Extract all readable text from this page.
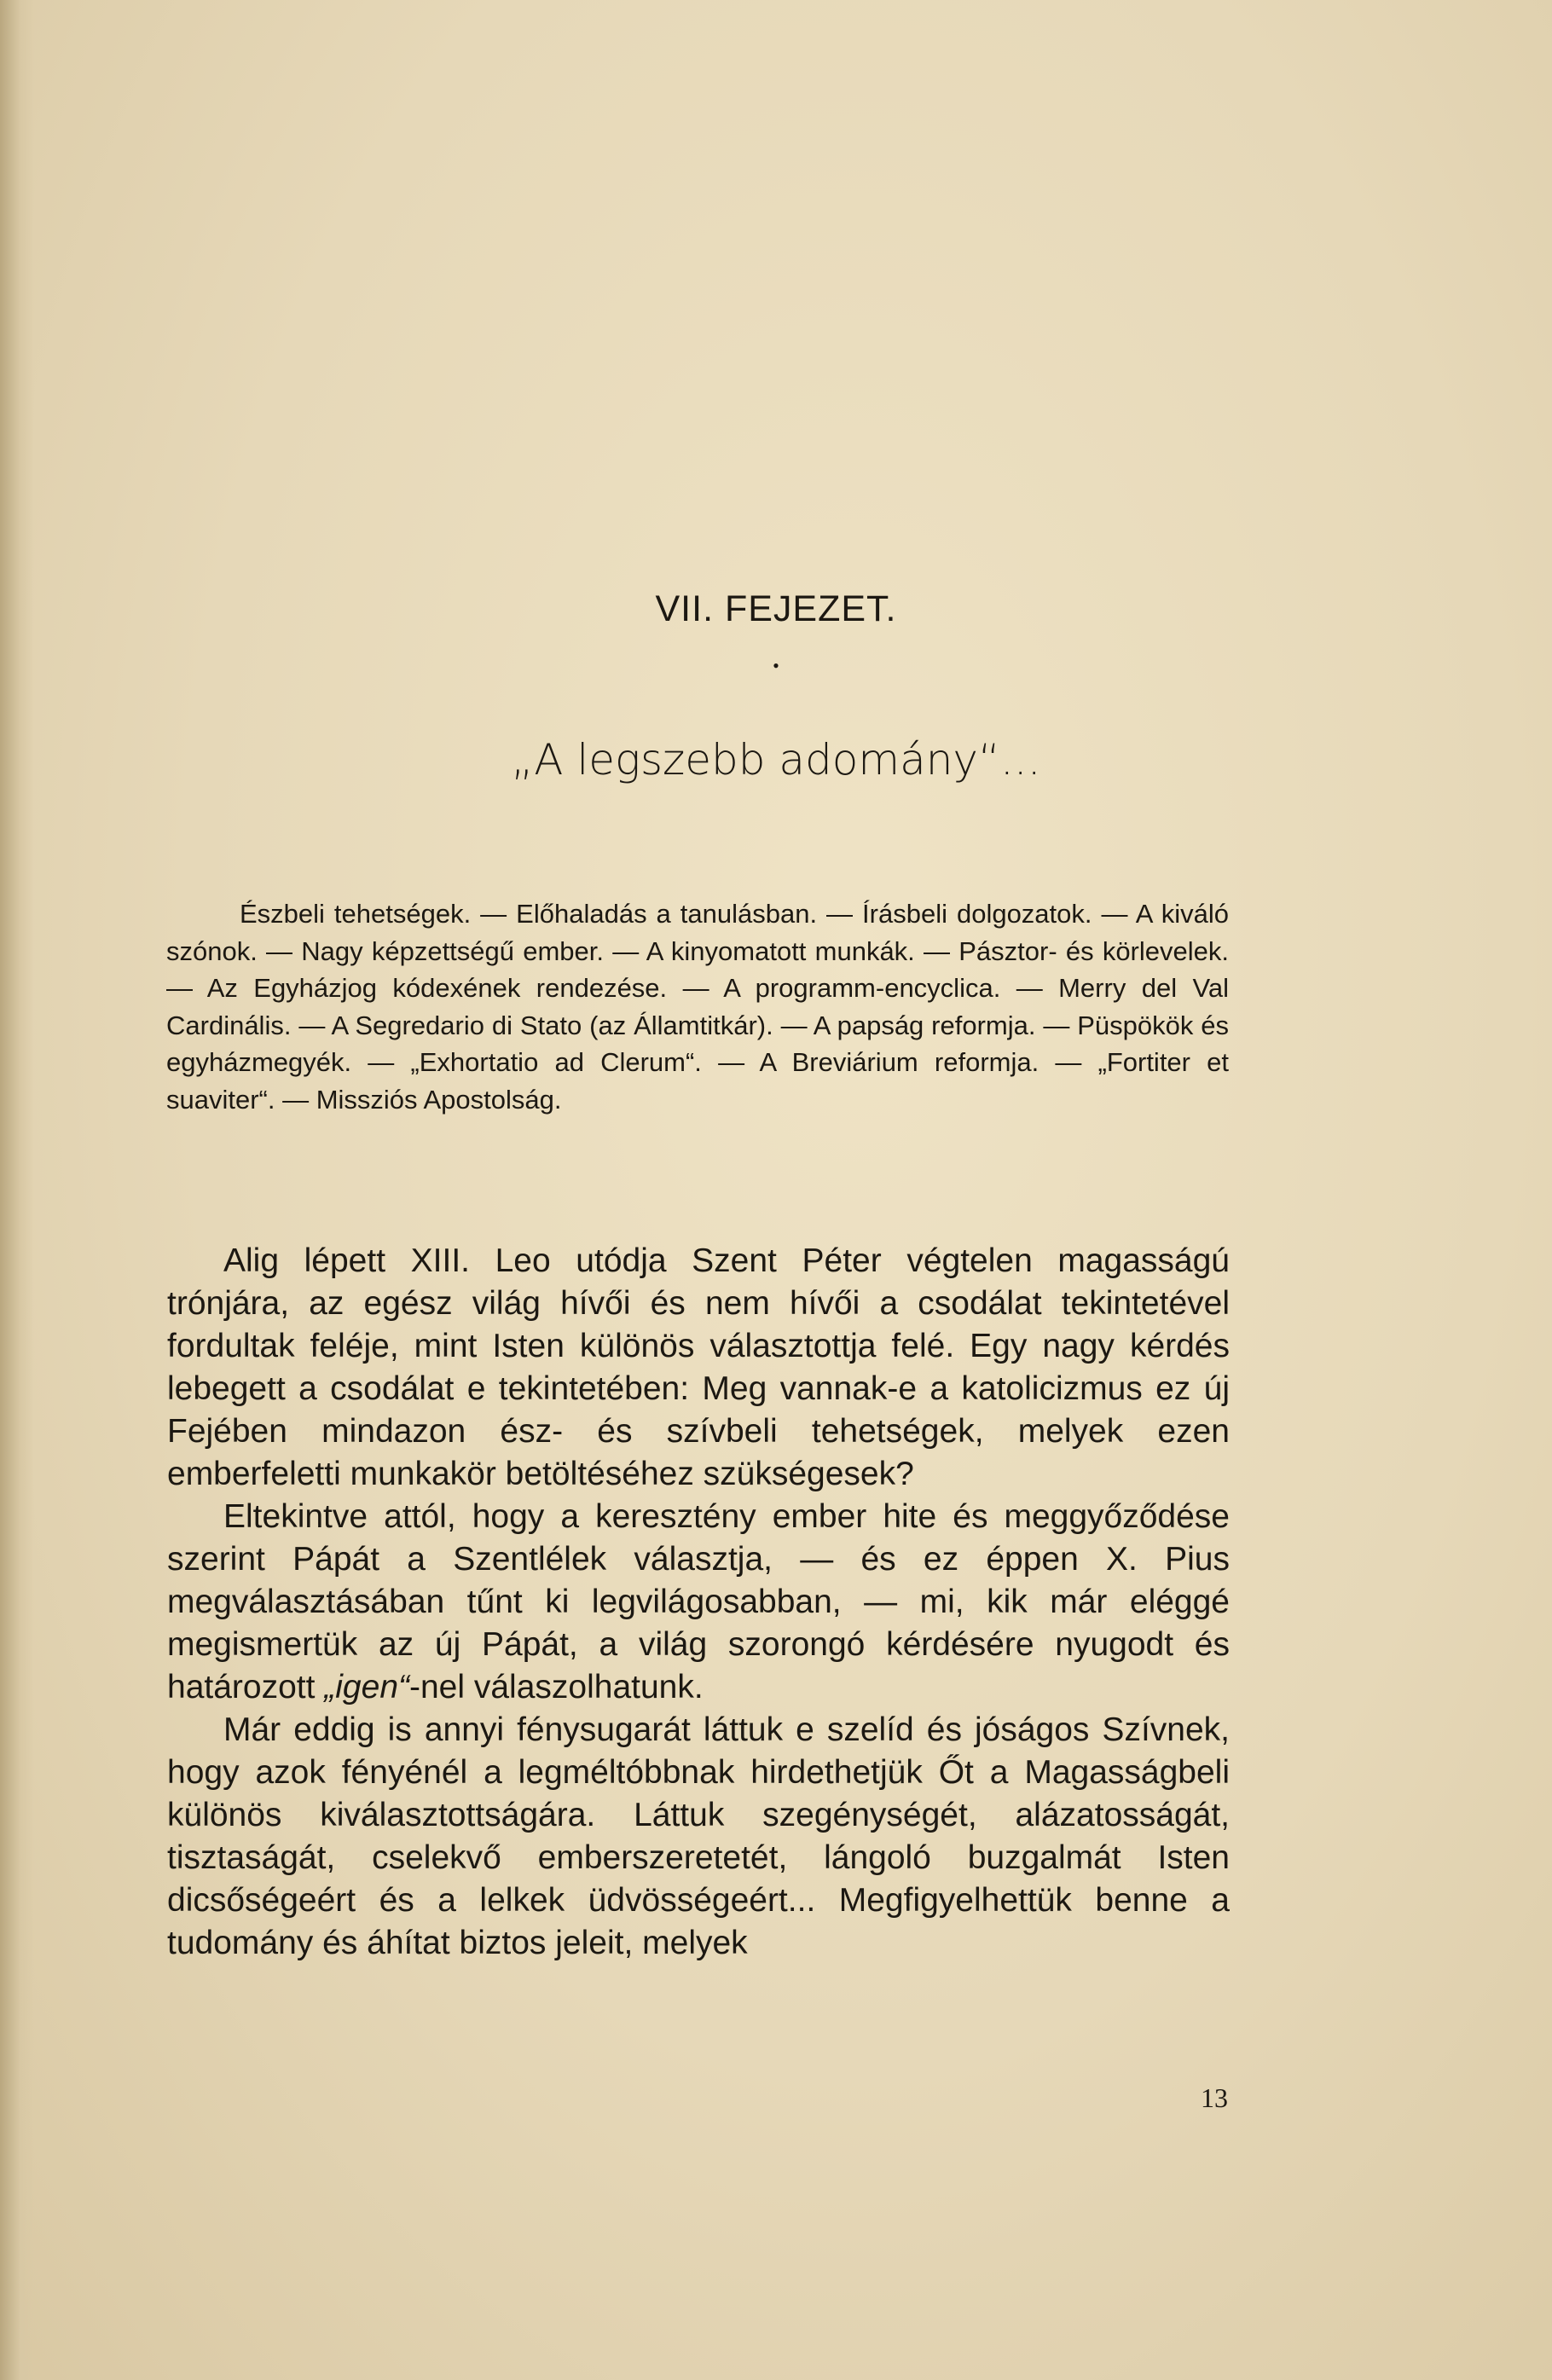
VII. FEJEZET.
•
„A legszebb adomány“...
Észbeli tehetségek. — Előhaladás a tanulásban. — Írásbeli dolgozatok. — A kiváló szónok. — Nagy képzettségű ember. — A kinyomatott munkák. — Pásztor- és körlevelek. — Az Egyházjog kódexének rendezése. — A programm-encyclica. — Merry del Val Cardinális. — A Segredario di Stato (az Államtitkár). — A papság reformja. — Püspökök és egyházmegyék. — „Exhortatio ad Clerum“. — A Breviárium reformja. — „Fortiter et suaviter“. — Missziós Apostolság.

Alig lépett XIII. Leo utódja Szent Péter végtelen magasságú trónjára, az egész világ hívői és nem hívői a csodálat tekintetével fordultak feléje, mint Isten különös választottja felé. Egy nagy kérdés lebegett a csodálat e tekintetében: Meg vannak-e a katolicizmus ez új Fejében mindazon ész- és szívbeli tehetségek, melyek ezen emberfeletti munkakör betöltéséhez szükségesek?

Eltekintve attól, hogy a keresztény ember hite és meggyőződése szerint Pápát a Szentlélek választja, — és ez éppen X. Pius megválasztásában tűnt ki legvilágosabban, — mi, kik már eléggé megismertük az új Pápát, a világ szorongó kérdésére nyugodt és határozott „igen“-nel válaszolhatunk.

Már eddig is annyi fénysugarát láttuk e szelíd és jóságos Szívnek, hogy azok fényénél a legméltóbbnak hirdethetjük Őt a Magasságbeli különös kiválasztottságára. Láttuk szegénységét, alázatosságát, tisztaságát, cselekvő emberszeretetét, lángoló buzgalmát Isten dicsőségeért és a lelkek üdvösségeért... Megfigyelhettük benne a tudomány és áhítat biztos jeleit, melyek

13
